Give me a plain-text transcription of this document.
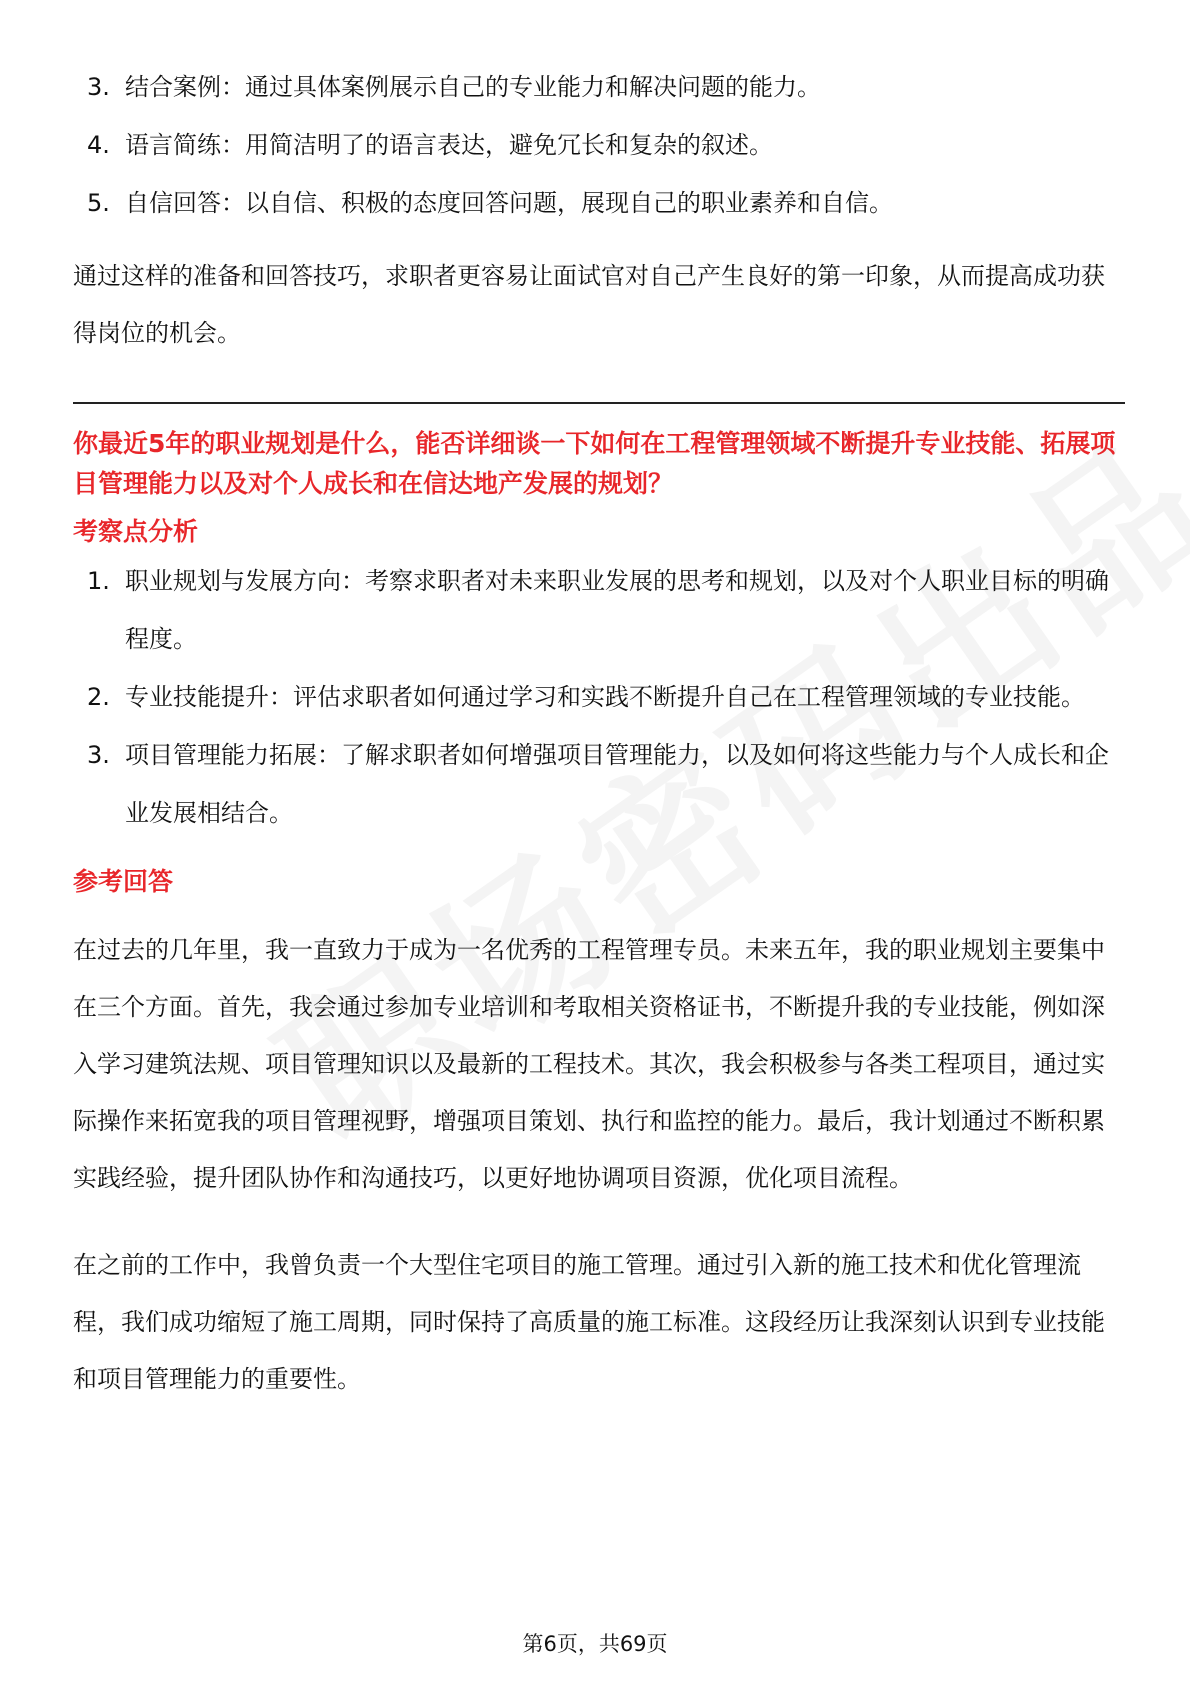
3. 结合案例：通过具体案例展示自己的专业能力和解决问题的能力。
4. 语言简练：用简洁明了的语言表达，避免冗长和复杂的叙述。
5. 自信回答：以自信、积极的态度回答问题，展现自己的职业素养和自信。

通过这样的准备和回答技巧，求职者更容易让面试官对自己产生良好的第一印象，从而提高成功获得岗位的机会。

你最近5年的职业规划是什么，能否详细谈一下如何在工程管理领域不断提升专业技能、拓展项目管理能力以及对个人成长和在信达地产发展的规划？

考察点分析

1. 职业规划与发展方向：考察求职者对未来职业发展的思考和规划，以及对个人职业目标的明确程度。
2. 专业技能提升：评估求职者如何通过学习和实践不断提升自己在工程管理领域的专业技能。
3. 项目管理能力拓展：了解求职者如何增强项目管理能力，以及如何将这些能力与个人成长和企业发展相结合。

参考回答

在过去的几年里，我一直致力于成为一名优秀的工程管理专员。未来五年，我的职业规划主要集中在三个方面。首先，我会通过参加专业培训和考取相关资格证书，不断提升我的专业技能，例如深入学习建筑法规、项目管理知识以及最新的工程技术。其次，我会积极参与各类工程项目，通过实际操作来拓宽我的项目管理视野，增强项目策划、执行和监控的能力。最后，我计划通过不断积累实践经验，提升团队协作和沟通技巧，以更好地协调项目资源，优化项目流程。

在之前的工作中，我曾负责一个大型住宅项目的施工管理。通过引入新的施工技术和优化管理流程，我们成功缩短了施工周期，同时保持了高质量的施工标准。这段经历让我深刻认识到专业技能和项目管理能力的重要性。

第6页，共69页
